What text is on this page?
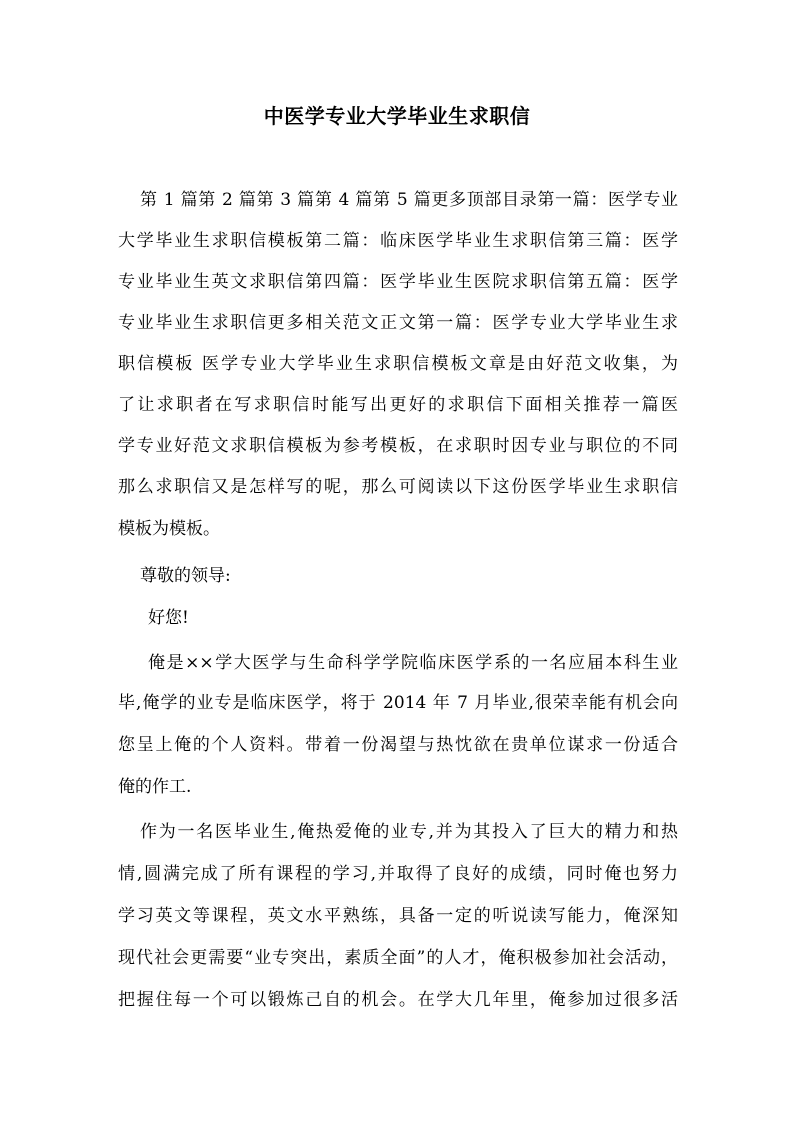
中医学专业大学毕业生求职信
第 1 篇第 2 篇第 3 篇第 4 篇第 5 篇更多顶部目录第一篇：医学专业
大学毕业生求职信模板第二篇：临床医学毕业生求职信第三篇：医学
专业毕业生英文求职信第四篇：医学毕业生医院求职信第五篇：医学
专业毕业生求职信更多相关范文正文第一篇：医学专业大学毕业生求
职信模板 医学专业大学毕业生求职信模板文章是由好范文收集，为
了让求职者在写求职信时能写出更好的求职信下面相关推荐一篇医
学专业好范文求职信模板为参考模板，在求职时因专业与职位的不同
那么求职信又是怎样写的呢，那么可阅读以下这份医学毕业生求职信
模板为模板。
尊敬的领导:
好您!
俺是××学大医学与生命科学学院临床医学系的一名应届本科生业
毕,俺学的业专是临床医学，将于 2014 年 7 月毕业,很荣幸能有机会向
您呈上俺的个人资料。带着一份渴望与热忱欲在贵单位谋求一份适合
俺的作工.
作为一名医毕业生,俺热爱俺的业专,并为其投入了巨大的精力和热
情,圆满完成了所有课程的学习,并取得了良好的成绩，同时俺也努力
学习英文等课程，英文水平熟练，具备一定的听说读写能力，俺深知
现代社会更需要“业专突出，素质全面”的人才，俺积极参加社会活动，
把握住每一个可以锻炼己自的机会。在学大几年里，俺参加过很多活
